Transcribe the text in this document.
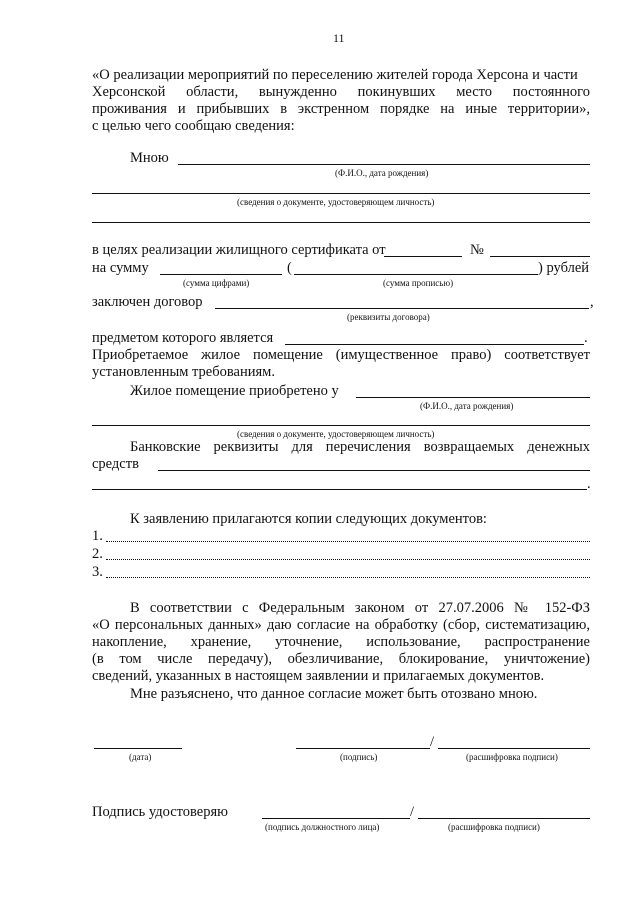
11
«О реализации мероприятий по переселению жителей города Херсона и части
Херсонской области, вынужденно покинувших место постоянного
проживания и прибывших в экстренном порядке на иные территории»,
с целью чего сообщаю сведения:
Мною
(Ф.И.О., дата рождения)
(сведения о документе, удостоверяющем личность)
в целях реализации жилищного сертификата от	№
на сумму	(	) рублей
(сумма цифрами)	(сумма прописью)
заключен договор	,
(реквизиты договора)
предметом которого является	.
Приобретаемое жилое помещение (имущественное право) соответствует
установленным требованиям.
Жилое помещение приобретено у
(Ф.И.О., дата рождения)
(сведения о документе, удостоверяющем личность)
Банковские реквизиты для перечисления возвращаемых денежных
средств
.
К заявлению прилагаются копии следующих документов:
1.
2.
3.
В соответствии с Федеральным законом от 27.07.2006 № 152-ФЗ
«О персональных данных» даю согласие на обработку (сбор, систематизацию,
накопление, хранение, уточнение, использование, распространение
(в том числе передачу), обезличивание, блокирование, уничтожение)
сведений, указанных в настоящем заявлении и прилагаемых документов.
Мне разъяснено, что данное согласие может быть отозвано мною.
(дата)
/
(подпись)	(расшифровка подписи)
Подпись удостоверяю	/
(подпись должностного лица)	(расшифровка подписи)
